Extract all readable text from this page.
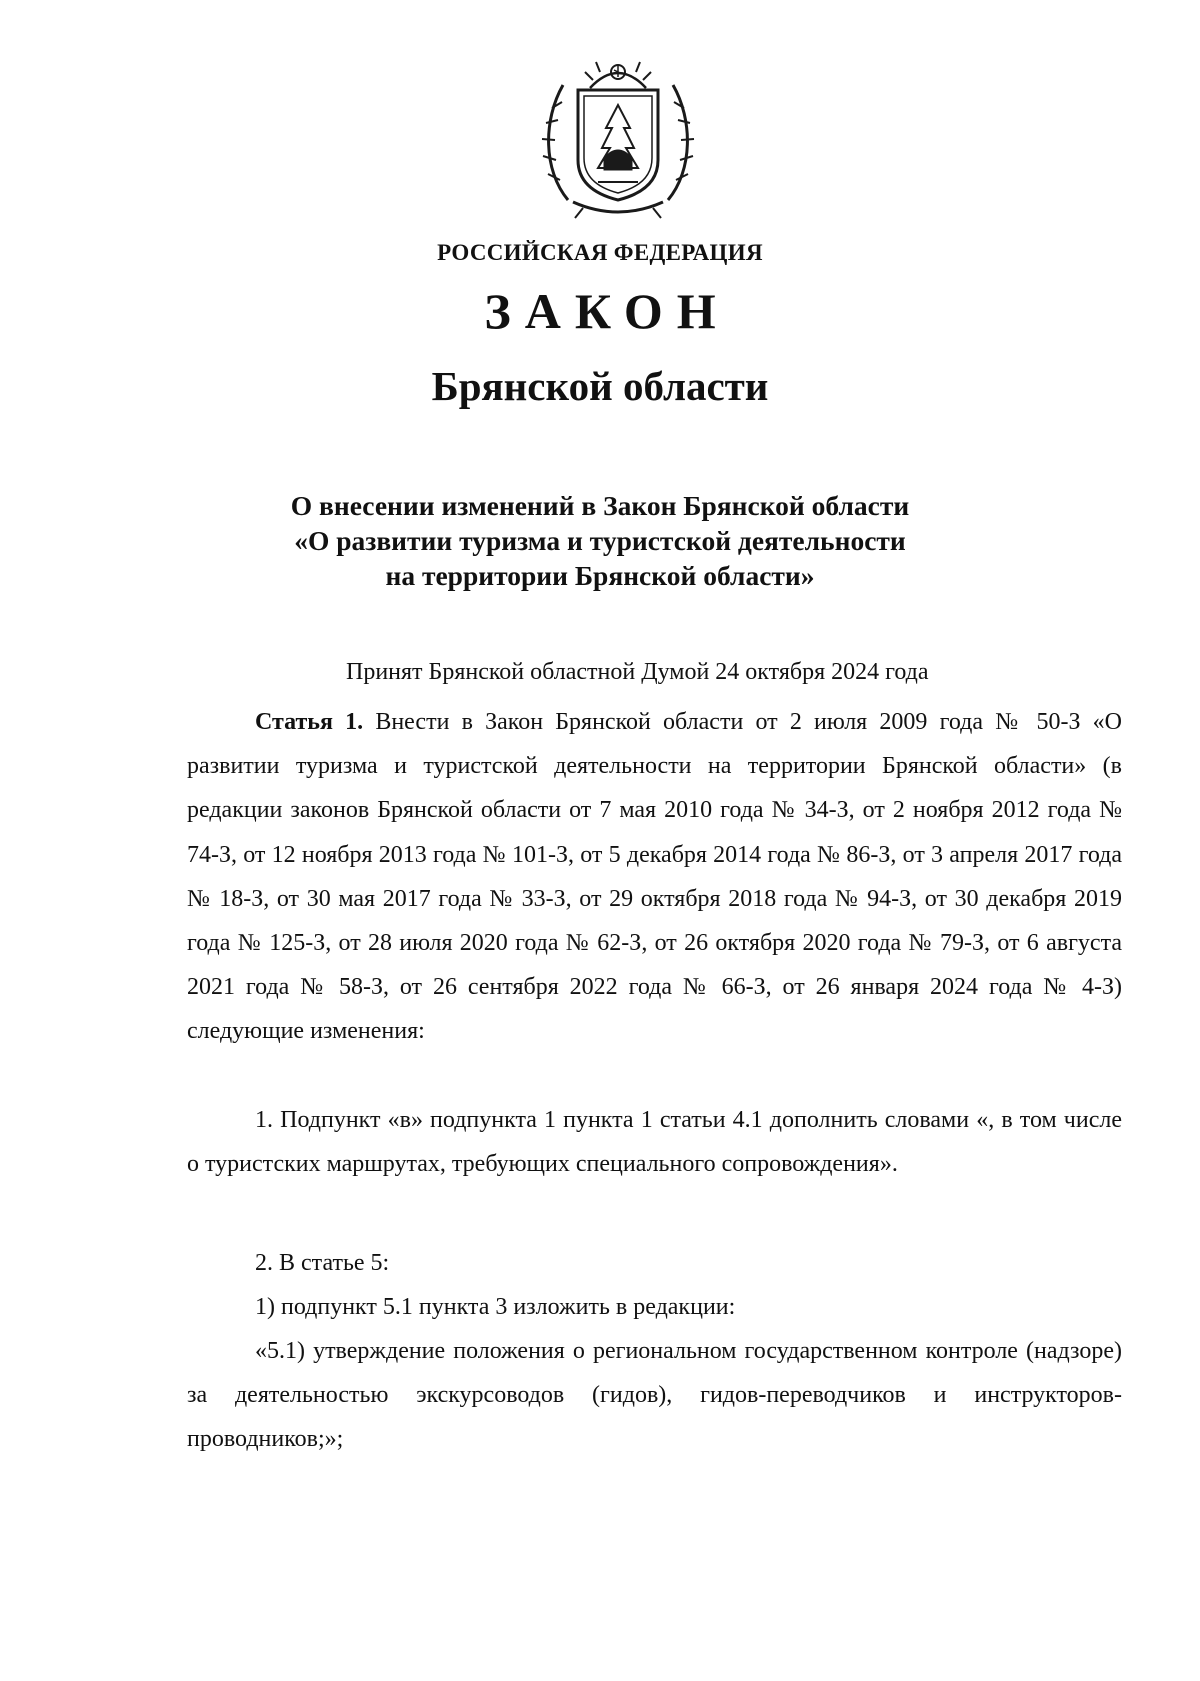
РОССИЙСКАЯ ФЕДЕРАЦИЯ
ЗАКОН
Брянской области
О внесении изменений в Закон Брянской области
«О развитии туризма и туристской деятельности
на территории Брянской области»
Принят Брянской областной Думой 24 октября 2024 года

Статья 1. Внести в Закон Брянской области от 2 июля 2009 года № 50-З «О развитии туризма и туристской деятельности на территории Брянской области» (в редакции законов Брянской области от 7 мая 2010 года № 34-З, от 2 ноября 2012 года № 74-З, от 12 ноября 2013 года № 101-З, от 5 декабря 2014 года № 86-З, от 3 апреля 2017 года № 18-З, от 30 мая 2017 года № 33-З, от 29 октября 2018 года № 94-З, от 30 декабря 2019 года № 125-З, от 28 июля 2020 года № 62-З, от 26 октября 2020 года № 79-З, от 6 августа 2021 года № 58-З, от 26 сентября 2022 года № 66-З, от 26 января 2024 года № 4-З) следующие изменения:

1. Подпункт «в» подпункта 1 пункта 1 статьи 4.1 дополнить словами «, в том числе о туристских маршрутах, требующих специального сопровождения».

2. В статье 5:

1) подпункт 5.1 пункта 3 изложить в редакции:

«5.1) утверждение положения о региональном государственном контроле (надзоре) за деятельностью экскурсоводов (гидов), гидов-переводчиков и инструкторов-проводников;»;
